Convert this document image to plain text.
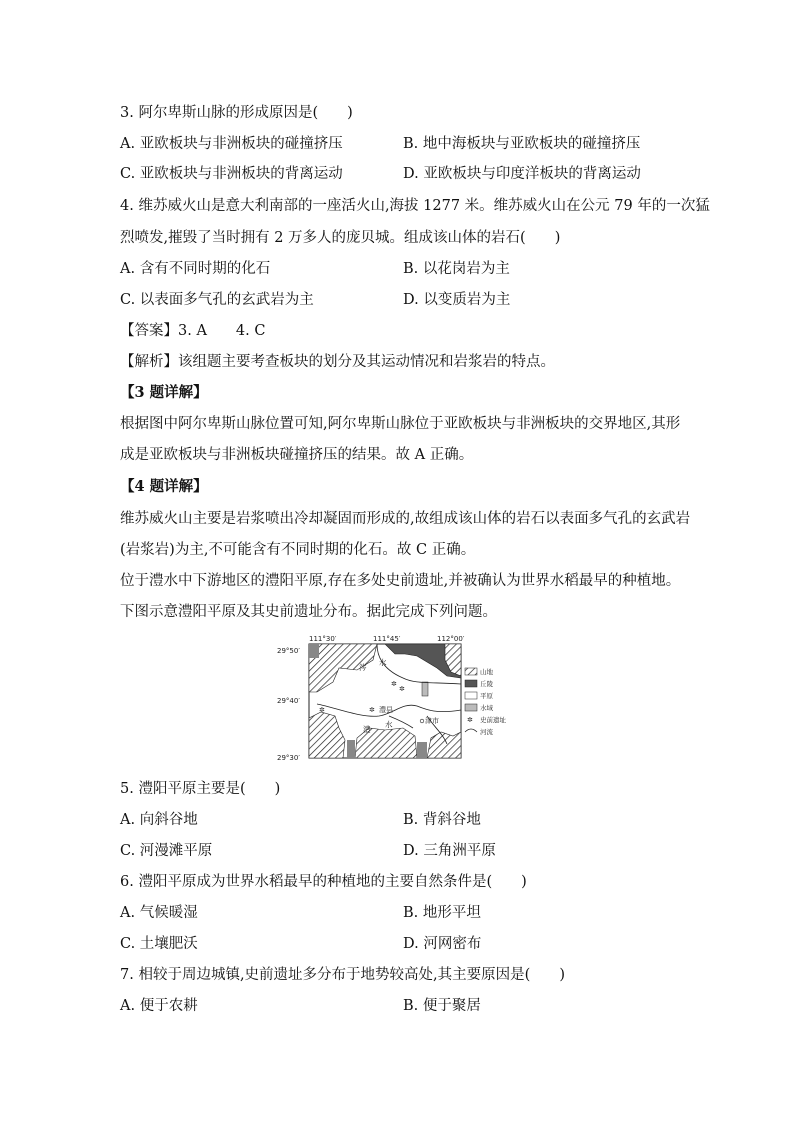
3. 阿尔卑斯山脉的形成原因是(　　)
A. 亚欧板块与非洲板块的碰撞挤压	B. 地中海板块与亚欧板块的碰撞挤压
C. 亚欧板块与非洲板块的背离运动	D. 亚欧板块与印度洋板块的背离运动
4. 维苏威火山是意大利南部的一座活火山,海拔 1277 米。维苏威火山在公元 79 年的一次猛
烈喷发,摧毁了当时拥有 2 万多人的庞贝城。组成该山体的岩石(　　)
A. 含有不同时期的化石	B. 以花岗岩为主
C. 以表面多气孔的玄武岩为主	D. 以变质岩为主
【答案】3. A　　4. C
【解析】该组题主要考查板块的划分及其运动情况和岩浆岩的特点。
【3 题详解】
根据图中阿尔卑斯山脉位置可知,阿尔卑斯山脉位于亚欧板块与非洲板块的交界地区,其形
成是亚欧板块与非洲板块碰撞挤压的结果。故 A 正确。
【4 题详解】
维苏威火山主要是岩浆喷出冷却凝固而形成的,故组成该山体的岩石以表面多气孔的玄武岩
(岩浆岩)为主,不可能含有不同时期的化石。故 C 正确。
位于澧水中下游地区的澧阳平原,存在多处史前遗址,并被确认为世界水稻最早的种植地。
下图示意澧阳平原及其史前遗址分布。据此完成下列问题。
111°30′	111°45′	112°00′
29°50′
29°40′
29°30′
涔
水
澧县
澧
水	津市
✲
✲
✲
✲
山地
丘陵
平原
水域
✲ 史前遗址
河流
5. 澧阳平原主要是(　　)
A. 向斜谷地	B. 背斜谷地
C. 河漫滩平原	D. 三角洲平原
6. 澧阳平原成为世界水稻最早的种植地的主要自然条件是(　　)
A. 气候暖湿	B. 地形平坦
C. 土壤肥沃	D. 河网密布
7. 相较于周边城镇,史前遗址多分布于地势较高处,其主要原因是(　　)
A. 便于农耕	B. 便于聚居
